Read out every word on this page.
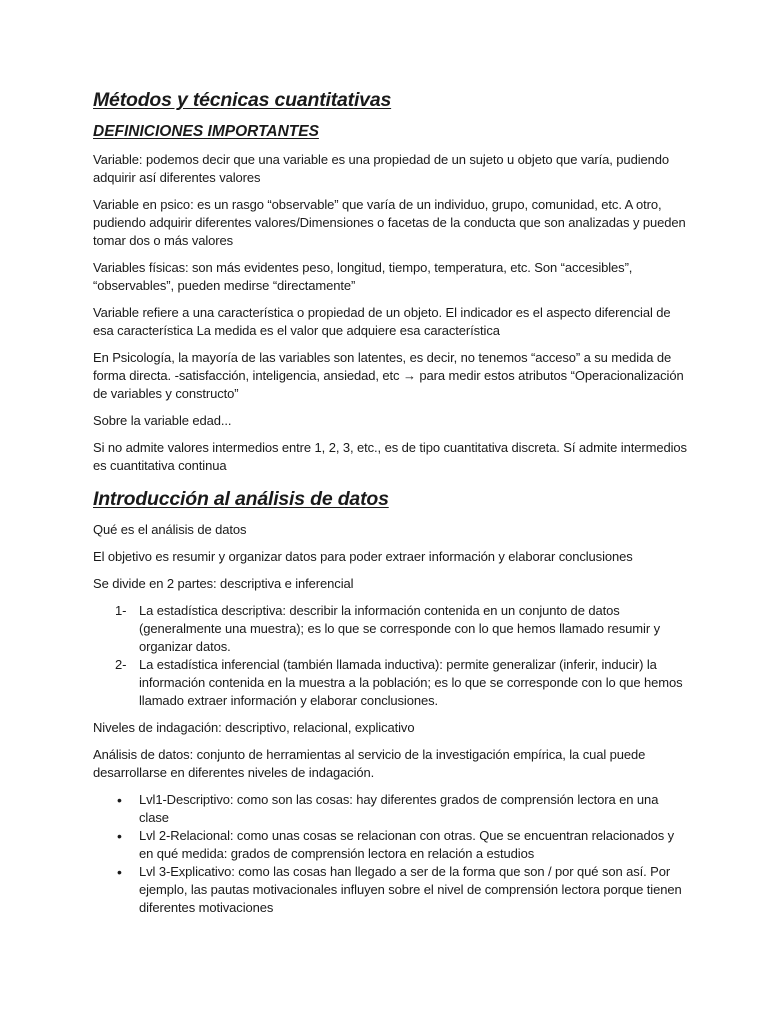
Métodos y técnicas cuantitativas
DEFINICIONES IMPORTANTES

Variable: podemos decir que una variable es una propiedad de un sujeto u objeto que varía, pudiendo adquirir así diferentes valores

Variable en psico: es un rasgo “observable” que varía de un individuo, grupo, comunidad, etc. A otro, pudiendo adquirir diferentes valores/Dimensiones o facetas de la conducta que son analizadas y pueden tomar dos o más valores

Variables físicas: son más evidentes peso, longitud, tiempo, temperatura, etc. Son “accesibles”, “observables”, pueden medirse “directamente”

Variable refiere a una característica o propiedad de un objeto. El indicador es el aspecto diferencial de esa característica La medida es el valor que adquiere esa característica

En Psicología, la mayoría de las variables son latentes, es decir, no tenemos “acceso” a su medida de forma directa. -satisfacción, inteligencia, ansiedad, etc → para medir estos atributos “Operacionalización de variables y constructo”

Sobre la variable edad...

Si no admite valores intermedios entre 1, 2, 3, etc., es de tipo cuantitativa discreta. Sí admite intermedios es cuantitativa continua

Introducción al análisis de datos

Qué es el análisis de datos

El objetivo es resumir y organizar datos para poder extraer información y elaborar conclusiones

Se divide en 2 partes: descriptiva e inferencial

1- La estadística descriptiva: describir la información contenida en un conjunto de datos (generalmente una muestra); es lo que se corresponde con lo que hemos llamado resumir y organizar datos.
2- La estadística inferencial (también llamada inductiva): permite generalizar (inferir, inducir) la información contenida en la muestra a la población; es lo que se corresponde con lo que hemos llamado extraer información y elaborar conclusiones.

Niveles de indagación: descriptivo, relacional, explicativo

Análisis de datos: conjunto de herramientas al servicio de la investigación empírica, la cual puede desarrollarse en diferentes niveles de indagación.

• Lvl1-Descriptivo: como son las cosas: hay diferentes grados de comprensión lectora en una clase
• Lvl 2-Relacional: como unas cosas se relacionan con otras. Que se encuentran relacionados y en qué medida: grados de comprensión lectora en relación a estudios
• Lvl 3-Explicativo: como las cosas han llegado a ser de la forma que son / por qué son así. Por ejemplo, las pautas motivacionales influyen sobre el nivel de comprensión lectora porque tienen diferentes motivaciones
